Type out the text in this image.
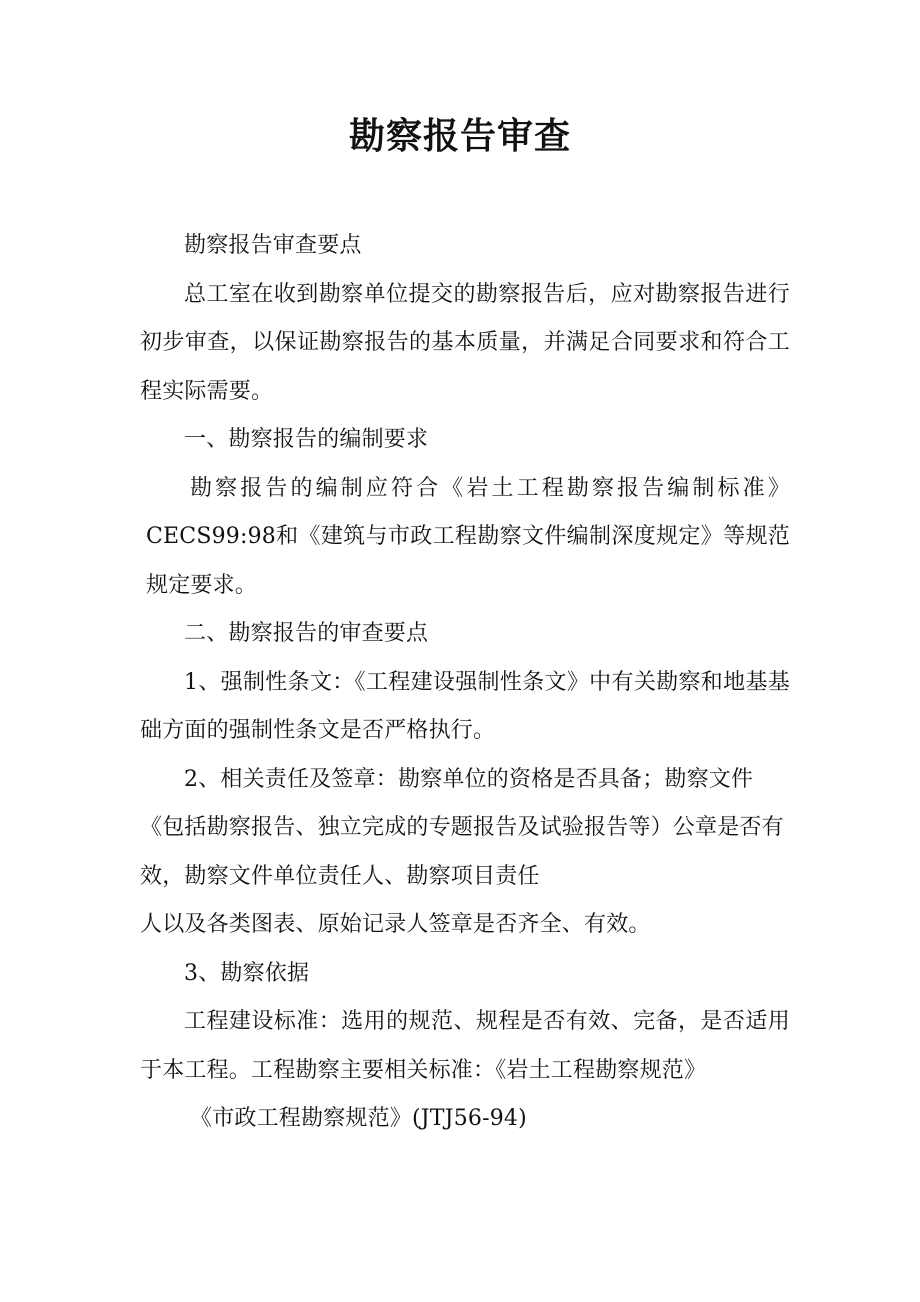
勘察报告审查

勘察报告审查要点

总工室在收到勘察单位提交的勘察报告后，应对勘察报告进行初步审查，以保证勘察报告的基本质量，并满足合同要求和符合工程实际需要。

一、勘察报告的编制要求

勘察报告的编制应符合《岩土工程勘察报告编制标准》CECS99:98和《建筑与市政工程勘察文件编制深度规定》等规范规定要求。

二、勘察报告的审查要点

1、强制性条文：《工程建设强制性条文》中有关勘察和地基基础方面的强制性条文是否严格执行。

2、相关责任及签章：勘察单位的资格是否具备；勘察文件《包括勘察报告、独立完成的专题报告及试验报告等）公章是否有效，勘察文件单位责任人、勘察项目责任

人以及各类图表、原始记录人签章是否齐全、有效。

3、勘察依据

工程建设标准：选用的规范、规程是否有效、完备，是否适用于本工程。工程勘察主要相关标准：《岩土工程勘察规范》

《市政工程勘察规范》(JTJ56-94)
